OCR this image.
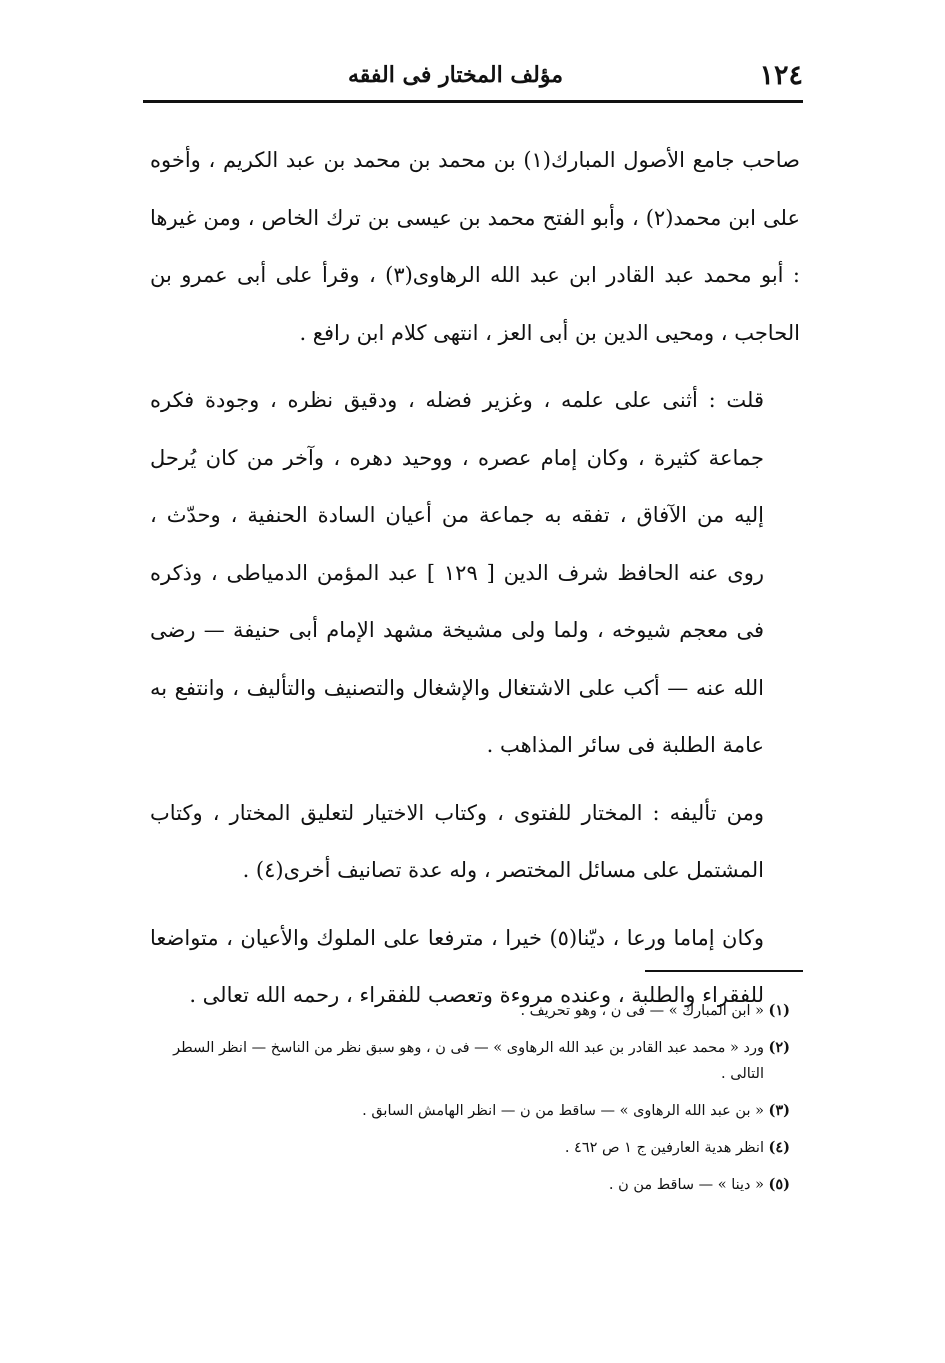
١٢٤
مؤلف المختار فى الفقه

صاحب جامع الأصول المبارك(١) بن محمد بن محمد بن عبد الكريم ، وأخوه على ابن محمد(٢) ، وأبو الفتح محمد بن عيسى بن ترك الخاص ، ومن غيرها : أبو محمد عبد القادر ابن عبد الله الرهاوى(٣) ، وقرأ على أبى عمرو بن الحاجب ، ومحيى الدين بن أبى العز ، انتهى كلام ابن رافع .

قلت : أثنى على علمه ، وغزير فضله ، ودقيق نظره ، وجودة فكره جماعة كثيرة ، وكان إمام عصره ، ووحيد دهره ، وآخر من كان يُرحل إليه من الآفاق ، تفقه به جماعة من أعيان السادة الحنفية ، وحدّث ، روى عنه الحافظ شرف الدين [ ١٢٩ ] عبد المؤمن الدمياطى ، وذكره فى معجم شيوخه ، ولما ولى مشيخة مشهد الإمام أبى حنيفة — رضى الله عنه — أكب على الاشتغال والإشغال والتصنيف والتأليف ، وانتفع به عامة الطلبة فى سائر المذاهب .

ومن تأليفه : المختار للفتوى ، وكتاب الاختيار لتعليق المختار ، وكتاب المشتمل على مسائل المختصر ، وله عدة تصانيف أخرى(٤) .

وكان إماما ورعا ، ديّنا(٥) خيرا ، مترفعا على الملوك والأعيان ، متواضعا للفقراء والطلبة ، وعنده مروءة وتعصب للفقراء ، رحمه الله تعالى .

(١)
« ابن المبارك » — فى ن ، وهو تحريف .

(٢)
ورد « محمد عبد القادر بن عبد الله الرهاوى » — فى ن ، وهو سبق نظر من الناسخ — انظر السطر التالى .

(٣)
« بن عبد الله الرهاوى » — ساقط من ن — انظر الهامش السابق .

(٤)
انظر هدية العارفين ج ١ ص ٤٦٢ .

(٥)
« دينا » — ساقط من ن .
